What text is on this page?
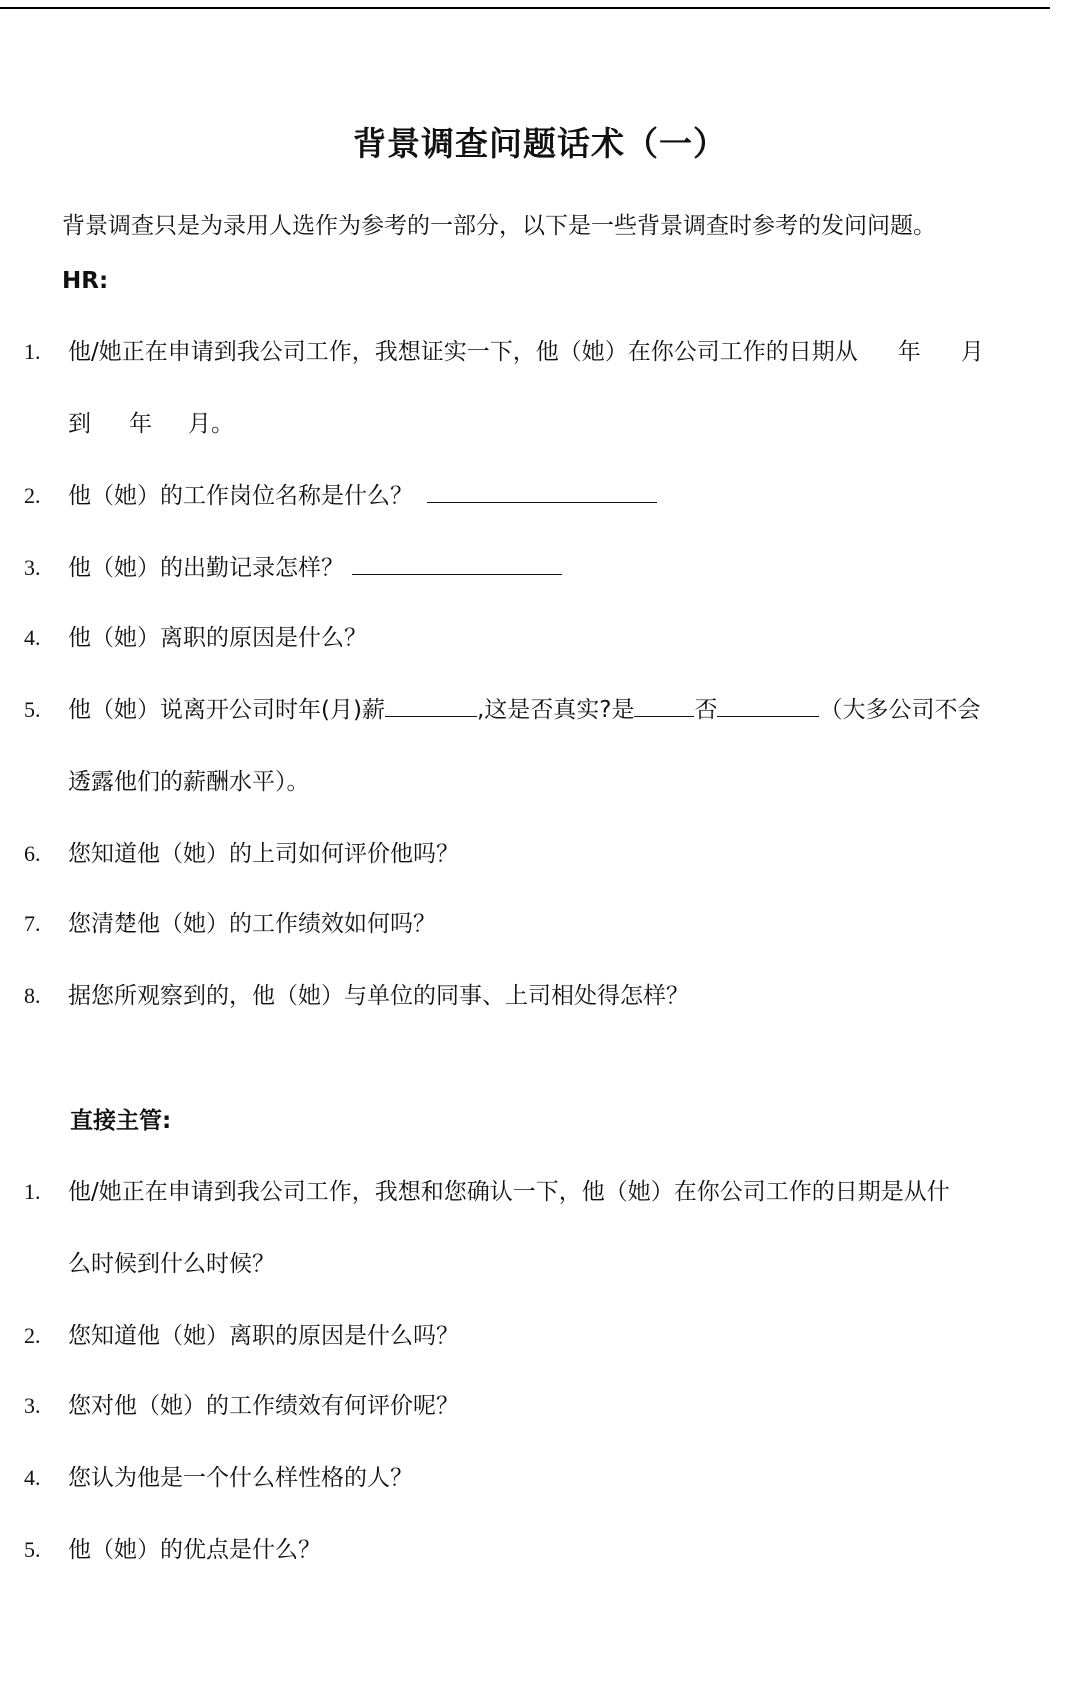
背景调查问题话术（一）
背景调查只是为录用人选作为参考的一部分，以下是一些背景调查时参考的发问问题。
HR:
1. 他/她正在申请到我公司工作，我想证实一下，他（她）在你公司工作的日期从 年 月
到 年 月。
2. 他（她）的工作岗位名称是什么？
3. 他（她）的出勤记录怎样？
4. 他（她）离职的原因是什么？
5. 他（她）说离开公司时年(月)薪	,这是否真实?是	否	（大多公司不会
透露他们的薪酬水平）。
6. 您知道他（她）的上司如何评价他吗？
7. 您清楚他（她）的工作绩效如何吗？
8. 据您所观察到的，他（她）与单位的同事、上司相处得怎样？
直接主管:
1. 他/她正在申请到我公司工作，我想和您确认一下，他（她）在你公司工作的日期是从什
么时候到什么时候？
2. 您知道他（她）离职的原因是什么吗？
3. 您对他（她）的工作绩效有何评价呢？
4. 您认为他是一个什么样性格的人？
5. 他（她）的优点是什么？
